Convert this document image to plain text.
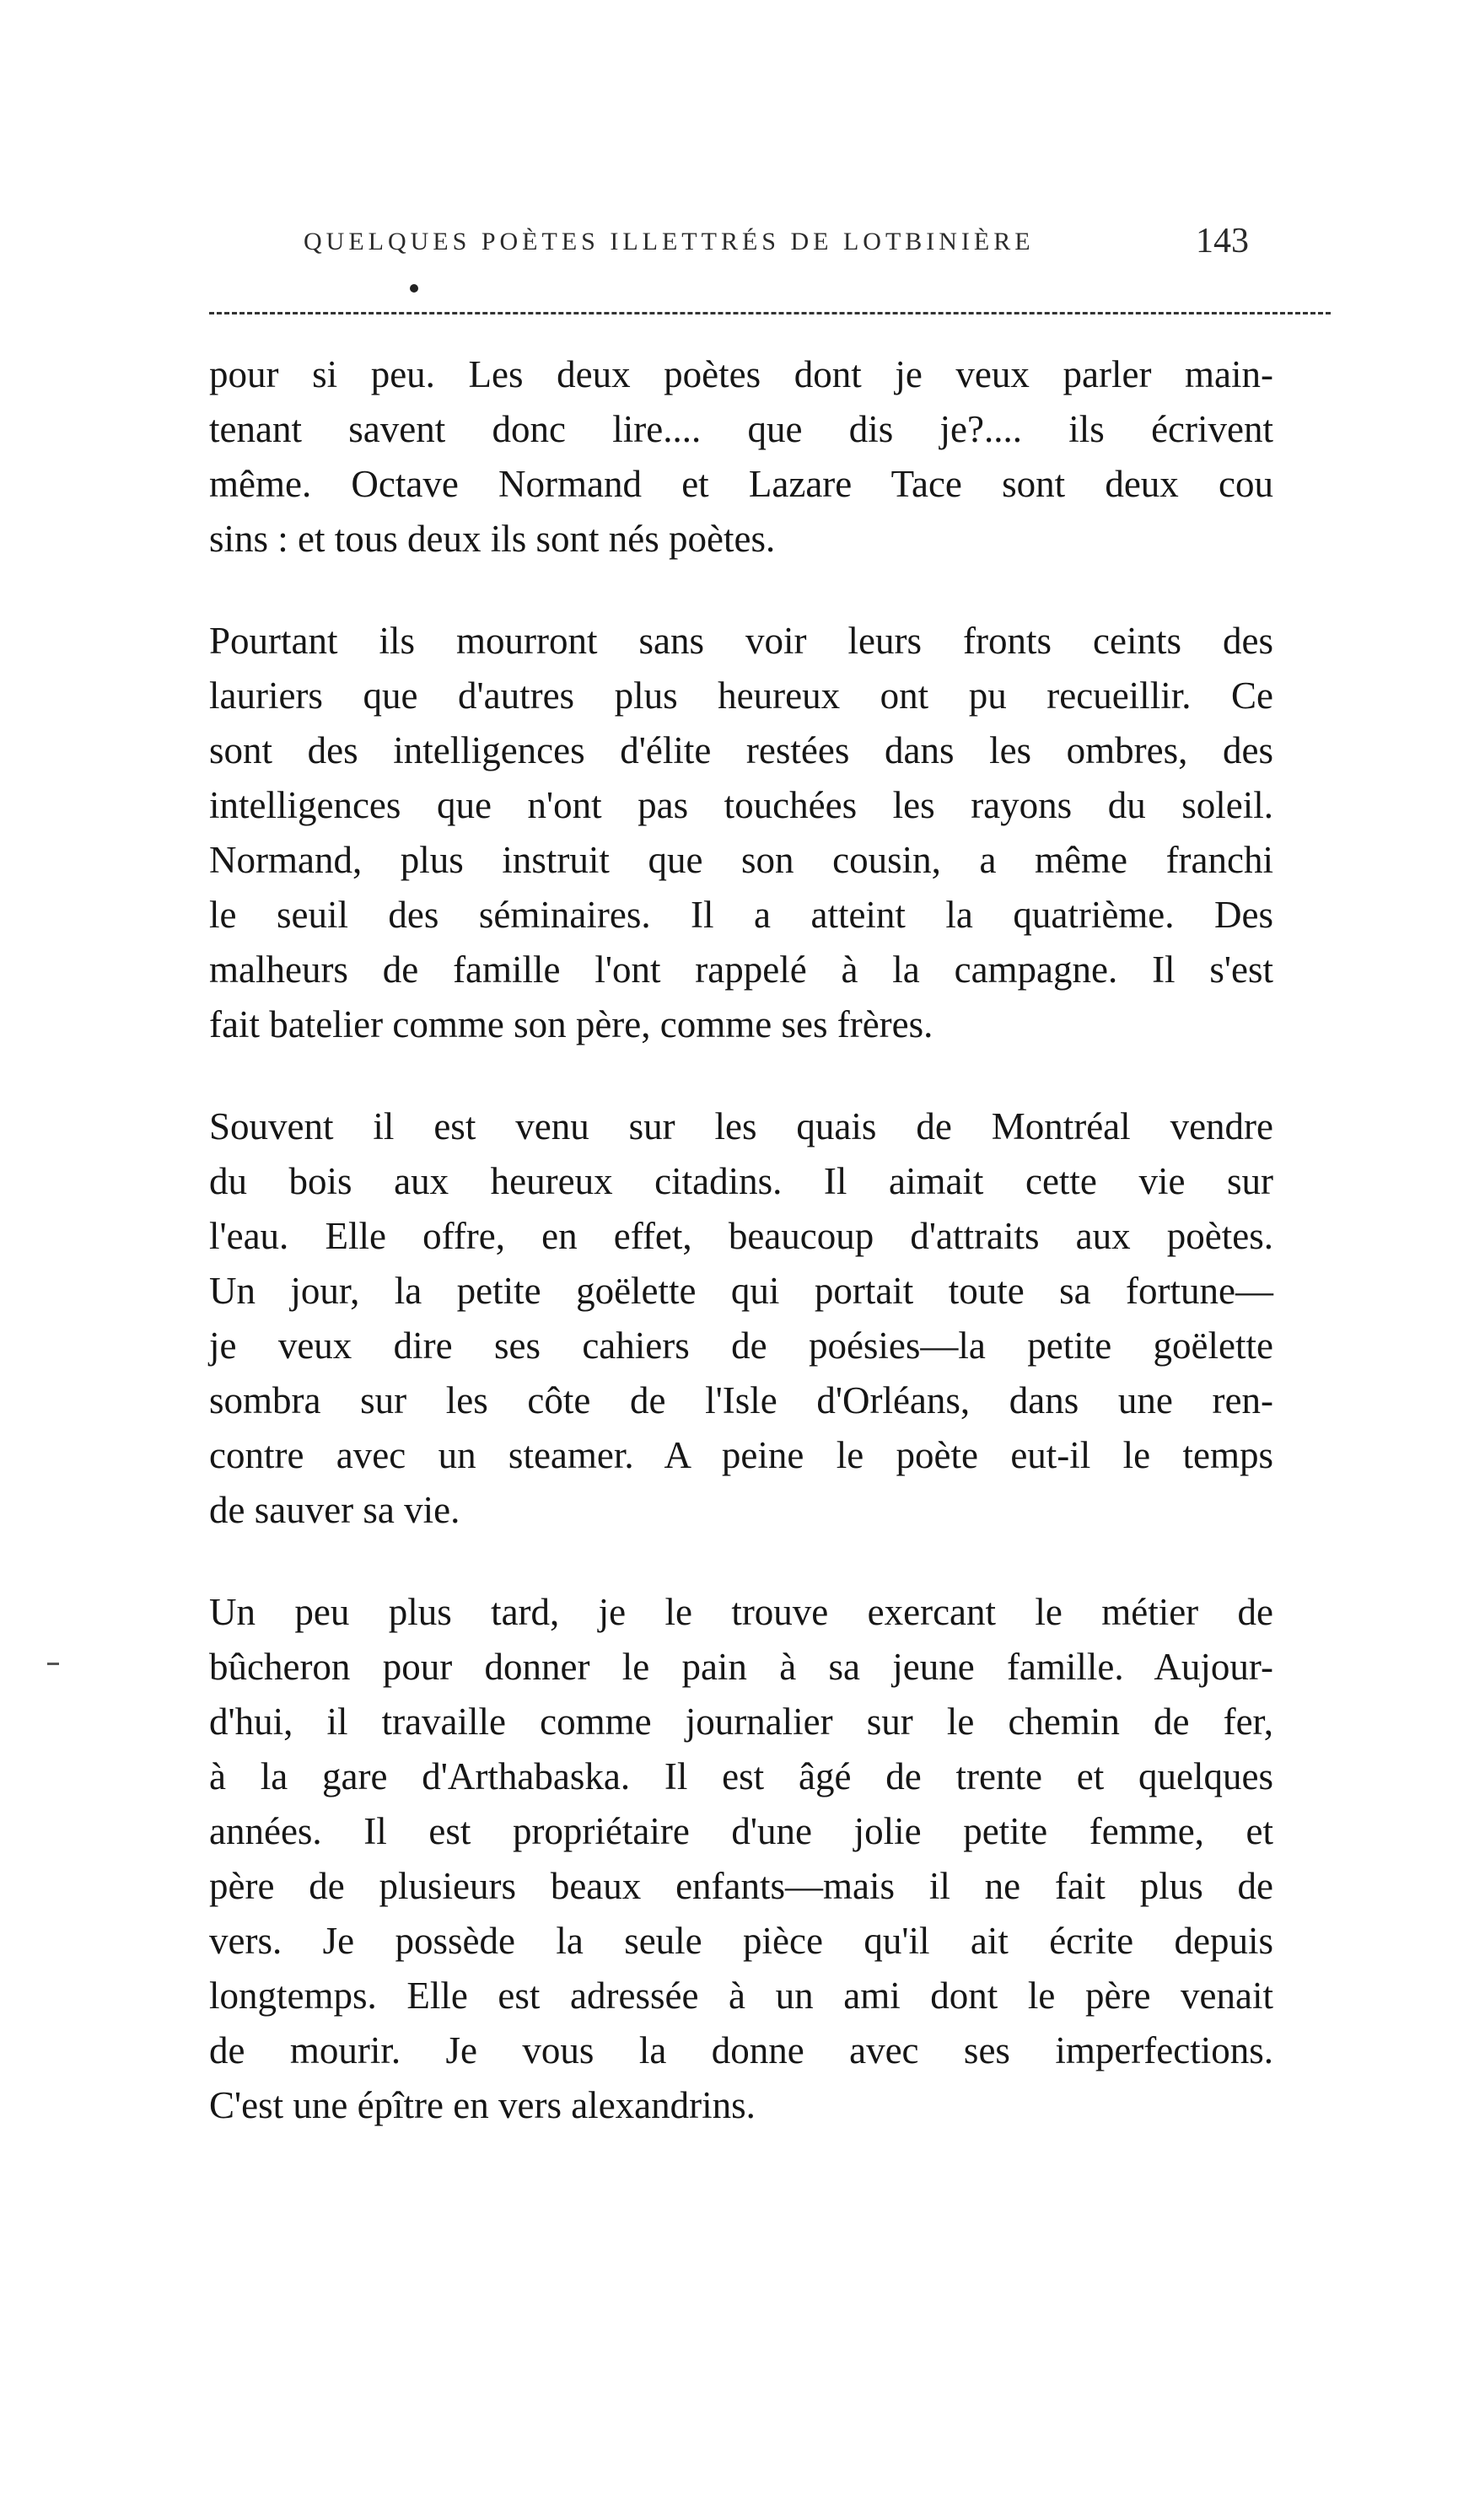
QUELQUES POÈTES ILLETTRÉS DE LOTBINIÈRE	143

pour si peu. Les deux poètes dont je veux parler main-
tenant savent donc lire.... que dis je?.... ils écrivent
même. Octave Normand et Lazare Tace sont deux cou
sins : et tous deux ils sont nés poètes.

Pourtant ils mourront sans voir leurs fronts ceints des
lauriers que d'autres plus heureux ont pu recueillir. Ce
sont des intelligences d'élite restées dans les ombres, des
intelligences que n'ont pas touchées les rayons du soleil.
Normand, plus instruit que son cousin, a même franchi
le seuil des séminaires. Il a atteint la quatrième. Des
malheurs de famille l'ont rappelé à la campagne. Il s'est
fait batelier comme son père, comme ses frères.

Souvent il est venu sur les quais de Montréal vendre
du bois aux heureux citadins. Il aimait cette vie sur
l'eau. Elle offre, en effet, beaucoup d'attraits aux poètes.
Un jour, la petite goëlette qui portait toute sa fortune—
je veux dire ses cahiers de poésies—la petite goëlette
sombra sur les côte de l'Isle d'Orléans, dans une ren-
contre avec un steamer. A peine le poète eut-il le temps
de sauver sa vie.

Un peu plus tard, je le trouve exercant le métier de
bûcheron pour donner le pain à sa jeune famille. Aujour-
d'hui, il travaille comme journalier sur le chemin de fer,
à la gare d'Arthabaska. Il est âgé de trente et quelques
années. Il est propriétaire d'une jolie petite femme, et
père de plusieurs beaux enfants—mais il ne fait plus de
vers. Je possède la seule pièce qu'il ait écrite depuis
longtemps. Elle est adressée à un ami dont le père venait
de mourir. Je vous la donne avec ses imperfections.
C'est une épître en vers alexandrins.
